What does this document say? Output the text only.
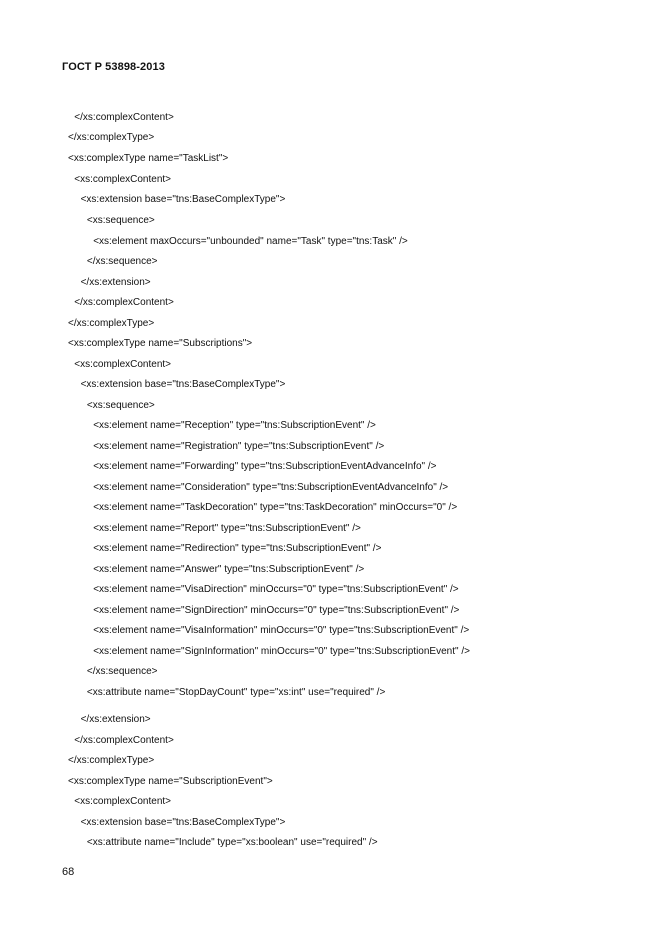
ГОСТ Р 53898-2013
</xs:complexContent>
</xs:complexType>
<xs:complexType name="TaskList">
<xs:complexContent>
<xs:extension base="tns:BaseComplexType">
<xs:sequence>
<xs:element maxOccurs="unbounded" name="Task" type="tns:Task" />
</xs:sequence>
</xs:extension>
</xs:complexContent>
</xs:complexType>
<xs:complexType name="Subscriptions">
<xs:complexContent>
<xs:extension base="tns:BaseComplexType">
<xs:sequence>
<xs:element name="Reception" type="tns:SubscriptionEvent" />
<xs:element name="Registration" type="tns:SubscriptionEvent" />
<xs:element name="Forwarding" type="tns:SubscriptionEventAdvanceInfo" />
<xs:element name="Consideration" type="tns:SubscriptionEventAdvanceInfo" />
<xs:element name="TaskDecoration" type="tns:TaskDecoration" minOccurs="0" />
<xs:element name="Report" type="tns:SubscriptionEvent" />
<xs:element name="Redirection" type="tns:SubscriptionEvent" />
<xs:element name="Answer" type="tns:SubscriptionEvent" />
<xs:element name="VisaDirection" minOccurs="0" type="tns:SubscriptionEvent" />
<xs:element name="SignDirection" minOccurs="0" type="tns:SubscriptionEvent" />
<xs:element name="VisaInformation" minOccurs="0" type="tns:SubscriptionEvent" />
<xs:element name="SignInformation" minOccurs="0" type="tns:SubscriptionEvent" />
</xs:sequence>
<xs:attribute name="StopDayCount" type="xs:int" use="required" />
</xs:extension>
</xs:complexContent>
</xs:complexType>
<xs:complexType name="SubscriptionEvent">
<xs:complexContent>
<xs:extension base="tns:BaseComplexType">
<xs:attribute name="Include" type="xs:boolean" use="required" />
68
